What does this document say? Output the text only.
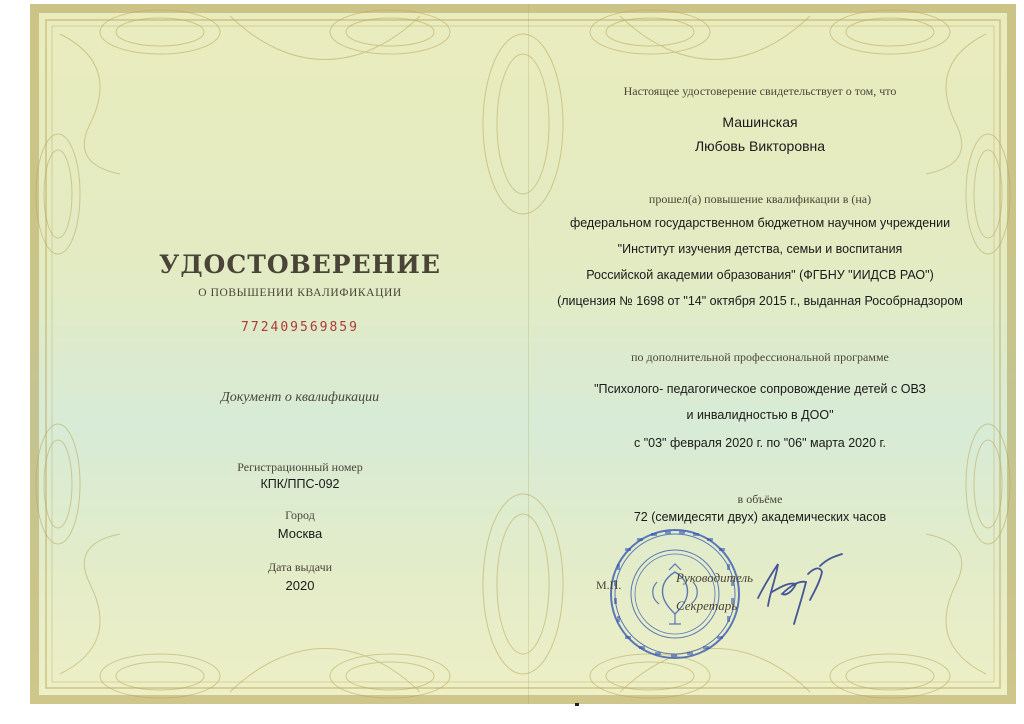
УДОСТОВЕРЕНИЕ
О ПОВЫШЕНИИ КВАЛИФИКАЦИИ
772409569859
Документ о квалификации
Регистрационный номер
КПК/ППС-092
Город
Москва
Дата выдачи
2020
Настоящее удостоверение свидетельствует о том, что
Машинская
Любовь Викторовна
прошел(а) повышение квалификации в (на)
федеральном государственном бюджетном научном учреждении
"Институт изучения детства, семьи и воспитания
Российской академии образования" (ФГБНУ "ИИДСВ РАО")
(лицензия № 1698 от "14" октября 2015 г., выданная Рособрнадзором
по дополнительной профессиональной программе
"Психолого- педагогическое сопровождение детей с ОВЗ
и инвалидностью в ДОО"
с "03" февраля 2020 г. по "06" марта 2020 г.
в объёме
72 (семидесяти двух) академических часов
М.П.	Руководитель
Секретарь
